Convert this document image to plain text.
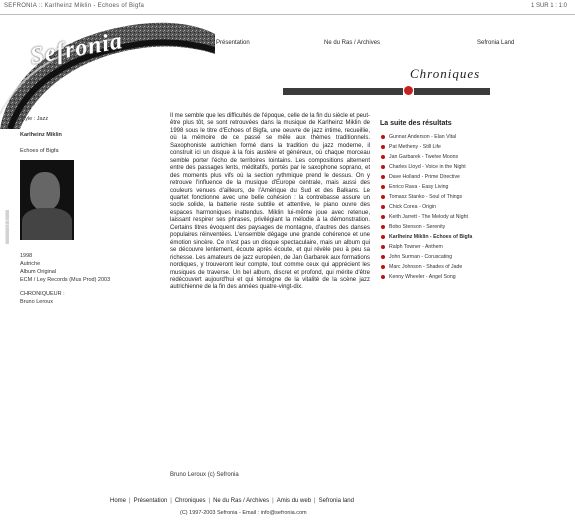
SEFRONIA :: Karlheinz Miklin - Echoes of Bigfa	1 SUR 1 : 1:0
Sefronia	Présentation	Ne du Ras / Archives	Sefronia Land
Chroniques
Style : Jazz
Karlheinz Miklin
Echoes of Bigfa
1998
Autriche
Album Original
ECM / Ley Records (Mus Prod) 2003
CHRONIQUEUR :
Bruno Leroux
|||||||||||||||||||||||||||||||||
Il me semble que les difficultés de l'époque, celle de la fin du siècle et peut-être plus tôt, se sont retrouvées dans la musique de Karlheinz Miklin de 1998 sous le titre d'Echoes of Bigfa, une oeuvre de jazz intime, recueillie, où la mémoire de ce passé se mêle aux thèmes traditionnels. Saxophoniste autrichien formé dans la tradition du jazz moderne, il construit ici un disque à la fois austère et généreux, où chaque morceau semble porter l'écho de territoires lointains. Les compositions alternent entre des passages lents, méditatifs, portés par le saxophone soprano, et des moments plus vifs où la section rythmique prend le dessus. On y retrouve l'influence de la musique d'Europe centrale, mais aussi des couleurs venues d'ailleurs, de l'Amérique du Sud et des Balkans. Le quartet fonctionne avec une belle cohésion : la contrebasse assure un socle solide, la batterie reste subtile et attentive, le piano ouvre des espaces harmoniques inattendus. Miklin lui-même joue avec retenue, laissant respirer ses phrases, privilégiant la mélodie à la démonstration. Certains titres évoquent des paysages de montagne, d'autres des danses populaires réinventées. L'ensemble dégage une grande cohérence et une émotion sincère. Ce n'est pas un disque spectaculaire, mais un album qui se découvre lentement, écoute après écoute, et qui révèle peu à peu sa richesse. Les amateurs de jazz européen, de Jan Garbarek aux formations nordiques, y trouveront leur compte, tout comme ceux qui apprécient les musiques de traverse. Un bel album, discret et profond, qui mérite d'être redécouvert aujourd'hui et qui témoigne de la vitalité de la scène jazz autrichienne de la fin des années quatre-vingt-dix.
Bruno Leroux (c) Sefronia
La suite des résultats
Gunnar Anderson - Elan Vital
Pat Metheny - Still Life
Jan Garbarek - Twelve Moons
Charles Lloyd - Voice in the Night
Dave Holland - Prime Directive
Enrico Rava - Easy Living
Tomasz Stanko - Soul of Things
Chick Corea - Origin
Keith Jarrett - The Melody at Night
Bobo Stenson - Serenity
Karlheinz Miklin - Echoes of Bigfa
Ralph Towner - Anthem
John Surman - Coruscating
Marc Johnson - Shades of Jade
Kenny Wheeler - Angel Song
Home | Présentation | Chroniques | Ne du Ras / Archives | Amis du web | Sefronia land
(C) 1997-2003 Sefronia - Email : info@sefronia.com
